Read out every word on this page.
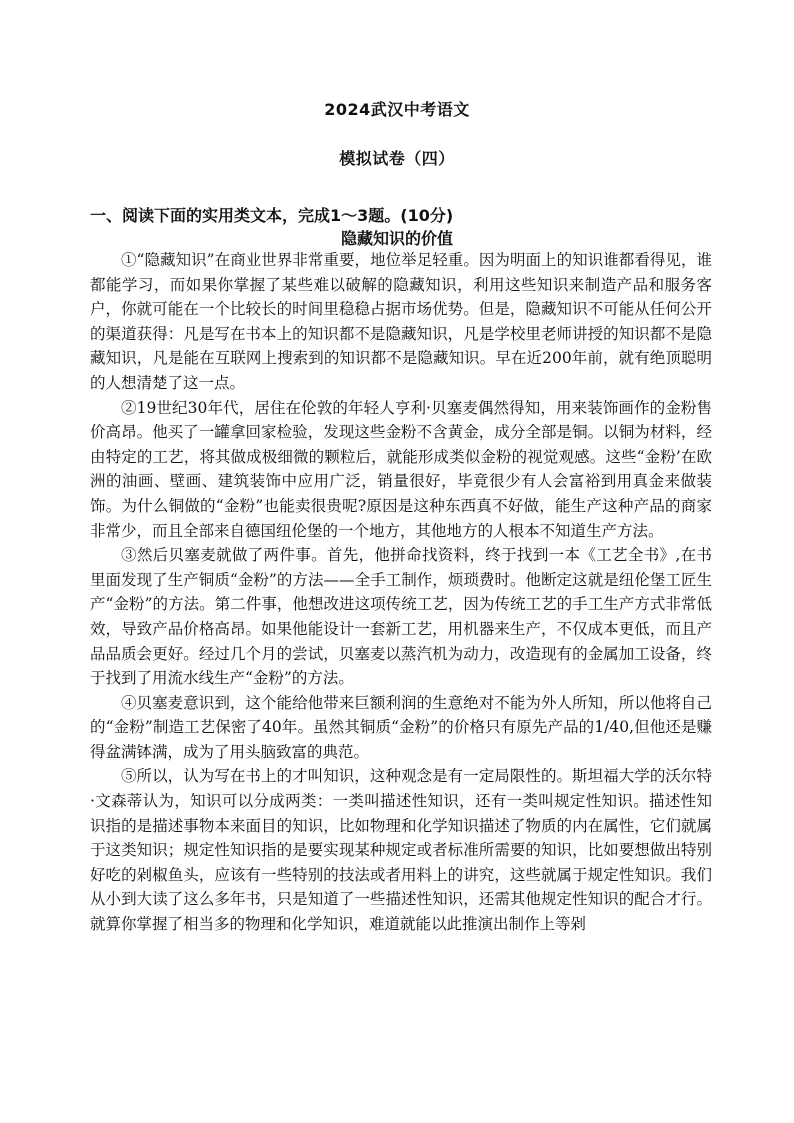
2024武汉中考语文
模拟试卷（四）
一、阅读下面的实用类文本，完成1～3题。(10分)
隐藏知识的价值

①“隐藏知识”在商业世界非常重要，地位举足轻重。因为明面上的知识谁都看得见，谁都能学习，而如果你掌握了某些难以破解的隐藏知识，利用这些知识来制造产品和服务客户，你就可能在一个比较长的时间里稳稳占据市场优势。但是，隐藏知识不可能从任何公开的渠道获得：凡是写在书本上的知识都不是隐藏知识，凡是学校里老师讲授的知识都不是隐藏知识，凡是能在互联网上搜索到的知识都不是隐藏知识。早在近200年前，就有绝顶聪明的人想清楚了这一点。

②19世纪30年代，居住在伦敦的年轻人亨利·贝塞麦偶然得知，用来装饰画作的金粉售价高昂。他买了一罐拿回家检验，发现这些金粉不含黄金，成分全部是铜。以铜为材料，经由特定的工艺，将其做成极细微的颗粒后，就能形成类似金粉的视觉观感。这些“金粉’在欧洲的油画、壁画、建筑装饰中应用广泛，销量很好，毕竟很少有人会富裕到用真金来做装饰。为什么铜做的“金粉”也能卖很贵呢?原因是这种东西真不好做，能生产这种产品的商家非常少，而且全部来自德国纽伦堡的一个地方，其他地方的人根本不知道生产方法。

③然后贝塞麦就做了两件事。首先，他拼命找资料，终于找到一本《工艺全书》,在书里面发现了生产铜质“金粉”的方法——全手工制作，烦琐费时。他断定这就是纽伦堡工匠生产“金粉”的方法。第二件事，他想改进这项传统工艺，因为传统工艺的手工生产方式非常低效，导致产品价格高昂。如果他能设计一套新工艺，用机器来生产，不仅成本更低，而且产品品质会更好。经过几个月的尝试，贝塞麦以蒸汽机为动力，改造现有的金属加工设备，终于找到了用流水线生产“金粉”的方法。

④贝塞麦意识到，这个能给他带来巨额利润的生意绝对不能为外人所知，所以他将自己的“金粉”制造工艺保密了40年。虽然其铜质“金粉”的价格只有原先产品的1/40,但他还是赚得盆满钵满，成为了用头脑致富的典范。

⑤所以，认为写在书上的才叫知识，这种观念是有一定局限性的。斯坦福大学的沃尔特·文森蒂认为，知识可以分成两类：一类叫描述性知识，还有一类叫规定性知识。描述性知识指的是描述事物本来面目的知识，比如物理和化学知识描述了物质的内在属性，它们就属于这类知识；规定性知识指的是要实现某种规定或者标准所需要的知识，比如要想做出特别好吃的剁椒鱼头，应该有一些特别的技法或者用料上的讲究，这些就属于规定性知识。我们从小到大读了这么多年书，只是知道了一些描述性知识，还需其他规定性知识的配合才行。就算你掌握了相当多的物理和化学知识，难道就能以此推演出制作上等剁
